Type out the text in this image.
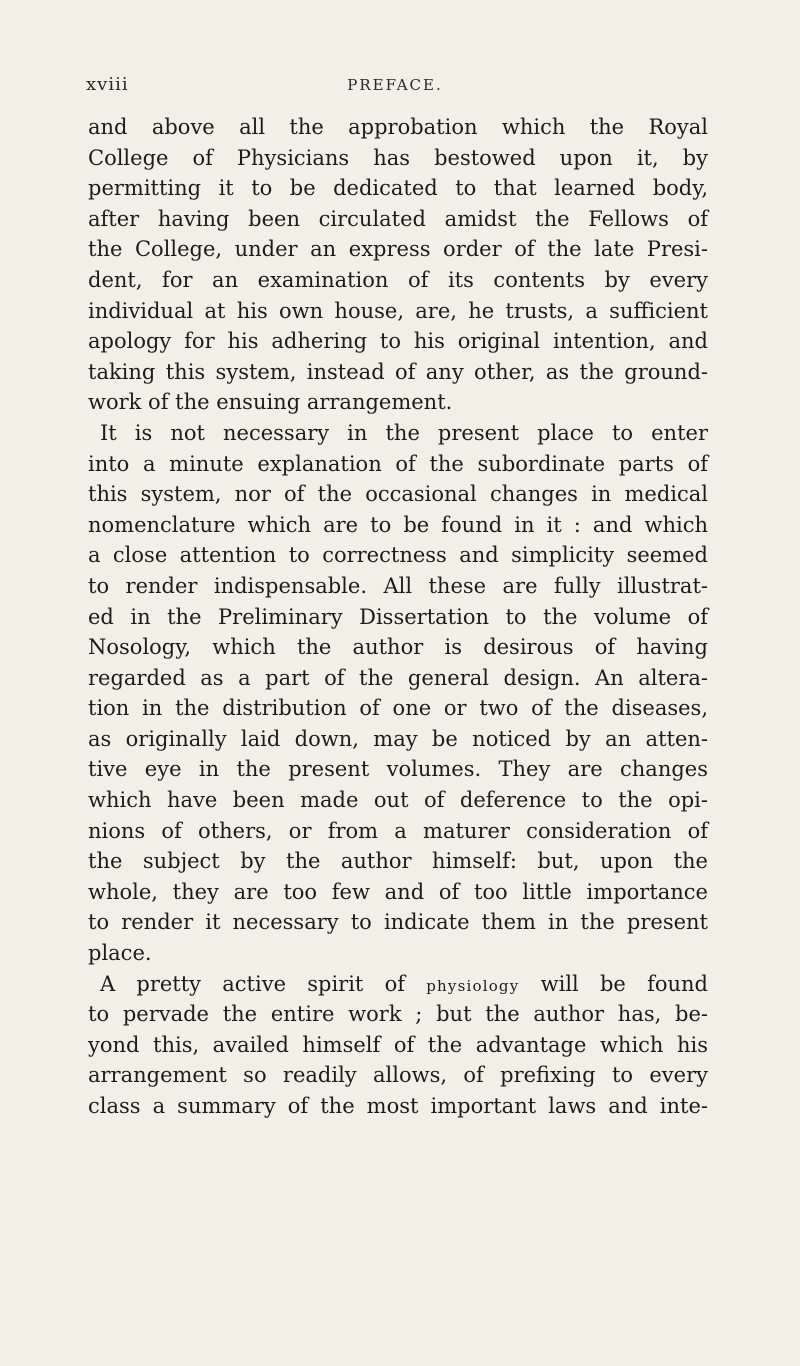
xviii	PREFACE.
and above all the approbation which the Royal
College of Physicians has bestowed upon it, by
permitting it to be dedicated to that learned body,
after having been circulated amidst the Fellows of
the College, under an express order of the late Presi-
dent, for an examination of its contents by every
individual at his own house, are, he trusts, a sufficient
apology for his adhering to his original intention, and
taking this system, instead of any other, as the ground-
work of the ensuing arrangement.
It is not necessary in the present place to enter
into a minute explanation of the subordinate parts of
this system, nor of the occasional changes in medical
nomenclature which are to be found in it : and which
a close attention to correctness and simplicity seemed
to render indispensable. All these are fully illustrat-
ed in the Preliminary Dissertation to the volume of
Nosology, which the author is desirous of having
regarded as a part of the general design. An altera-
tion in the distribution of one or two of the diseases,
as originally laid down, may be noticed by an atten-
tive eye in the present volumes. They are changes
which have been made out of deference to the opi-
nions of others, or from a maturer consideration of
the subject by the author himself: but, upon the
whole, they are too few and of too little importance
to render it necessary to indicate them in the present
place.
A pretty active spirit of physiology will be found
to pervade the entire work ; but the author has, be-
yond this, availed himself of the advantage which his
arrangement so readily allows, of prefixing to every
class a summary of the most important laws and inte-
